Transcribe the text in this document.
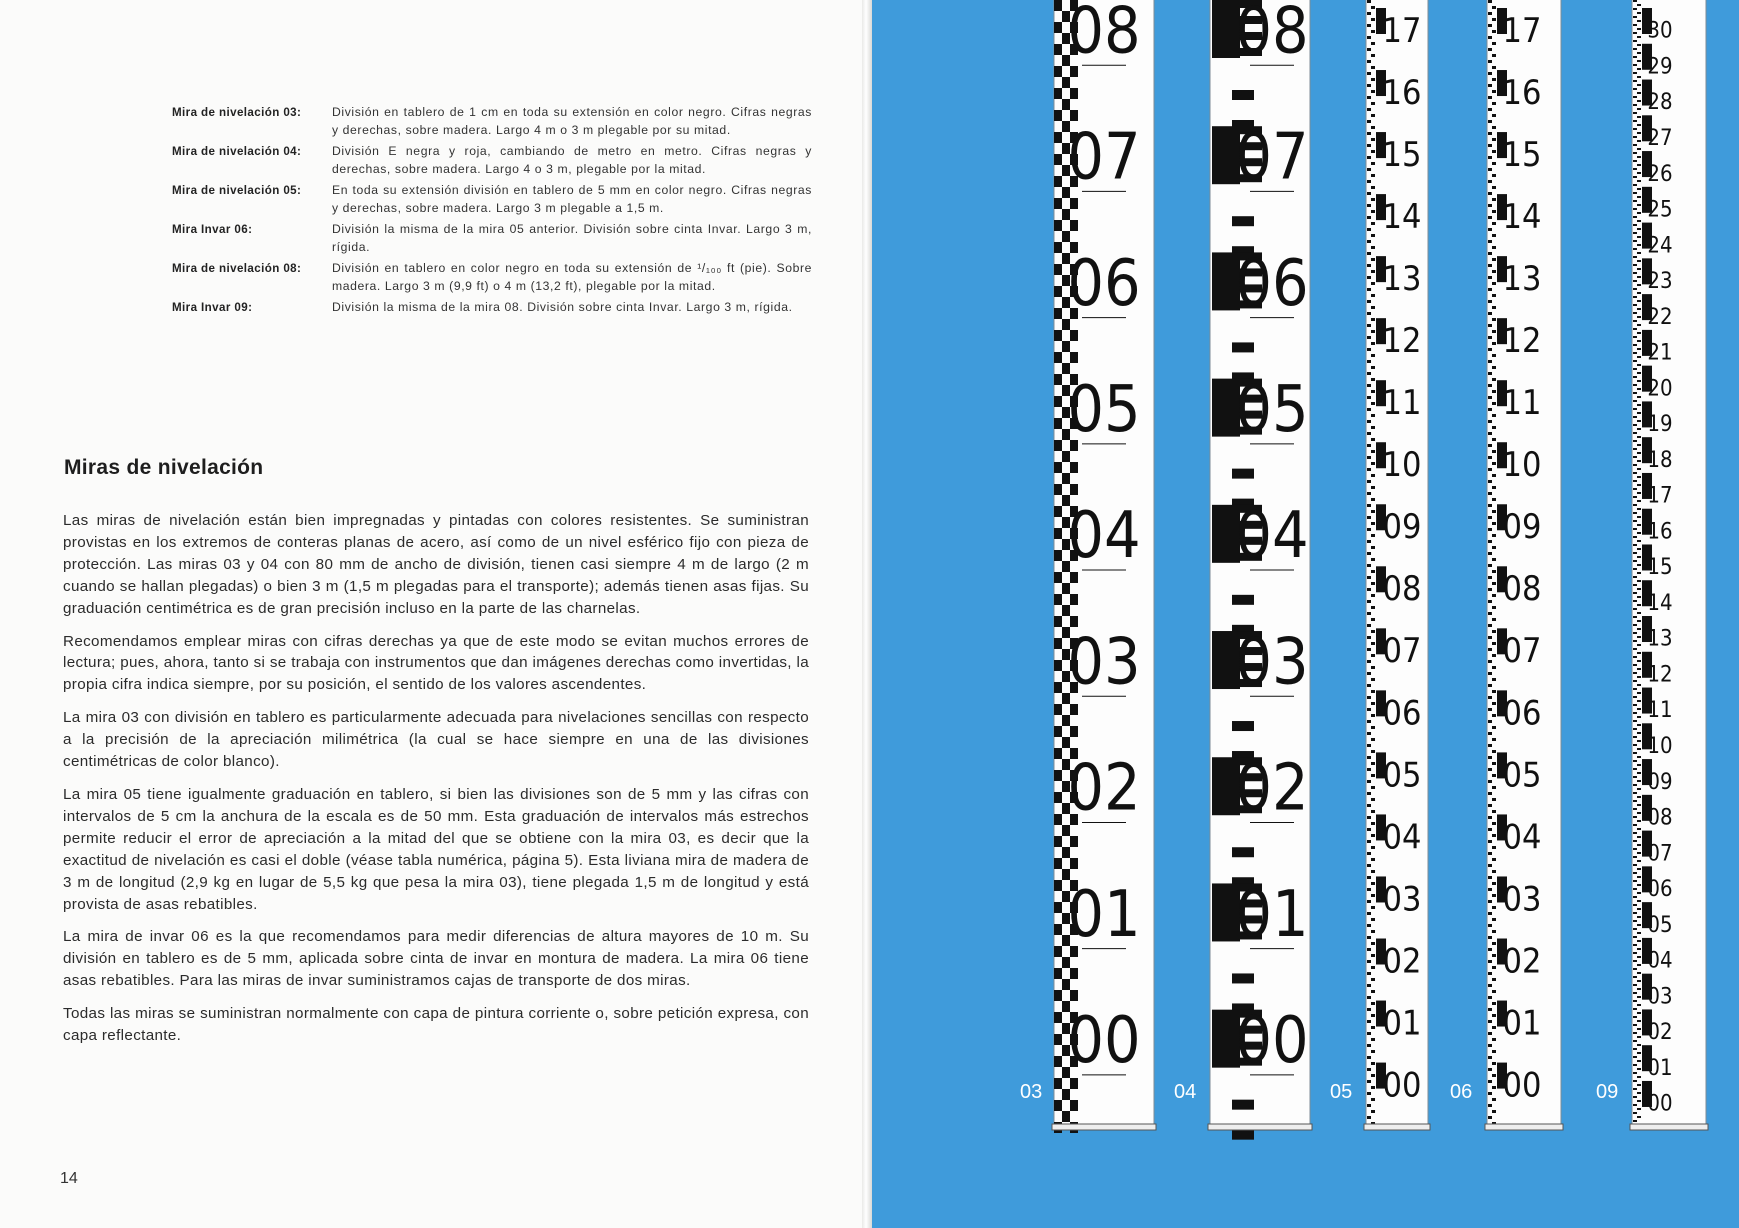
Mira de nivelación 03:	División en tablero de 1 cm en toda su extensión en color negro. Cifras negras y derechas, sobre madera. Largo 4 m o 3 m plegable por su mitad.
Mira de nivelación 04:	División E negra y roja, cambiando de metro en metro. Cifras negras y derechas, sobre madera. Largo 4 o 3 m, plegable por la mitad.
Mira de nivelación 05:	En toda su extensión división en tablero de 5 mm en color negro. Cifras negras y derechas, sobre madera. Largo 3 m plegable a 1,5 m.
Mira Invar 06:	División la misma de la mira 05 anterior. División sobre cinta Invar. Largo 3 m, rígida.
Mira de nivelación 08:	División en tablero en color negro en toda su extensión de ¹/₁₀₀ ft (pie). Sobre madera. Largo 3 m (9,9 ft) o 4 m (13,2 ft), plegable por la mitad.
Mira Invar 09:	División la misma de la mira 08. División sobre cinta Invar. Largo 3 m, rígida.
Miras de nivelación

Las miras de nivelación están bien impregnadas y pintadas con colores resistentes. Se suministran provistas en los extremos de conteras planas de acero, así como de un nivel esférico fijo con pieza de protección. Las miras 03 y 04 con 80 mm de ancho de división, tienen casi siempre 4 m de largo (2 m cuando se hallan plegadas) o bien 3 m (1,5 m plegadas para el transporte); además tienen asas fijas. Su graduación centimétrica es de gran precisión incluso en la parte de las charnelas.

Recomendamos emplear miras con cifras derechas ya que de este modo se evitan muchos errores de lectura; pues, ahora, tanto si se trabaja con instrumentos que dan imágenes derechas como invertidas, la propia cifra indica siempre, por su posición, el sentido de los valores ascendentes.

La mira 03 con división en tablero es particularmente adecuada para nivelaciones sencillas con respecto a la precisión de la apreciación milimétrica (la cual se hace siempre en una de las divisiones centimétricas de color blanco).

La mira 05 tiene igualmente graduación en tablero, si bien las divisiones son de 5 mm y las cifras con intervalos de 5 cm la anchura de la escala es de 50 mm. Esta graduación de intervalos más estrechos permite reducir el error de apreciación a la mitad del que se obtiene con la mira 03, es decir que la exactitud de nivelación es casi el doble (véase tabla numérica, página 5). Esta liviana mira de madera de 3 m de longitud (2,9 kg en lugar de 5,5 kg que pesa la mira 03), tiene plegada 1,5 m de longitud y está provista de asas rebatibles.

La mira de invar 06 es la que recomendamos para medir diferencias de altura mayores de 10 m. Su división en tablero es de 5 mm, aplicada sobre cinta de invar en montura de madera. La mira 06 tiene asas rebatibles. Para las miras de invar suministramos cajas de transporte de dos miras.

Todas las miras se suministran normalmente con capa de pintura corriente o, sobre petición expresa, con capa reflectante.

14
08
07
06
05
04
03
02
01
00
03
08
07
06
05
04
03
02
01
00
04
17
16
15
14
13
12
11
10
09
08
07
06
05
04
03
02
01
00
05
17
16
15
14
13
12
11
10
09
08
07
06
05
04
03
02
01
00
06
30
29
28
27
26
25
24
23
22
21
20
19
18
17
16
15
14
13
12
11
10
09
08
07
06
05
04
03
02
01
00
09
